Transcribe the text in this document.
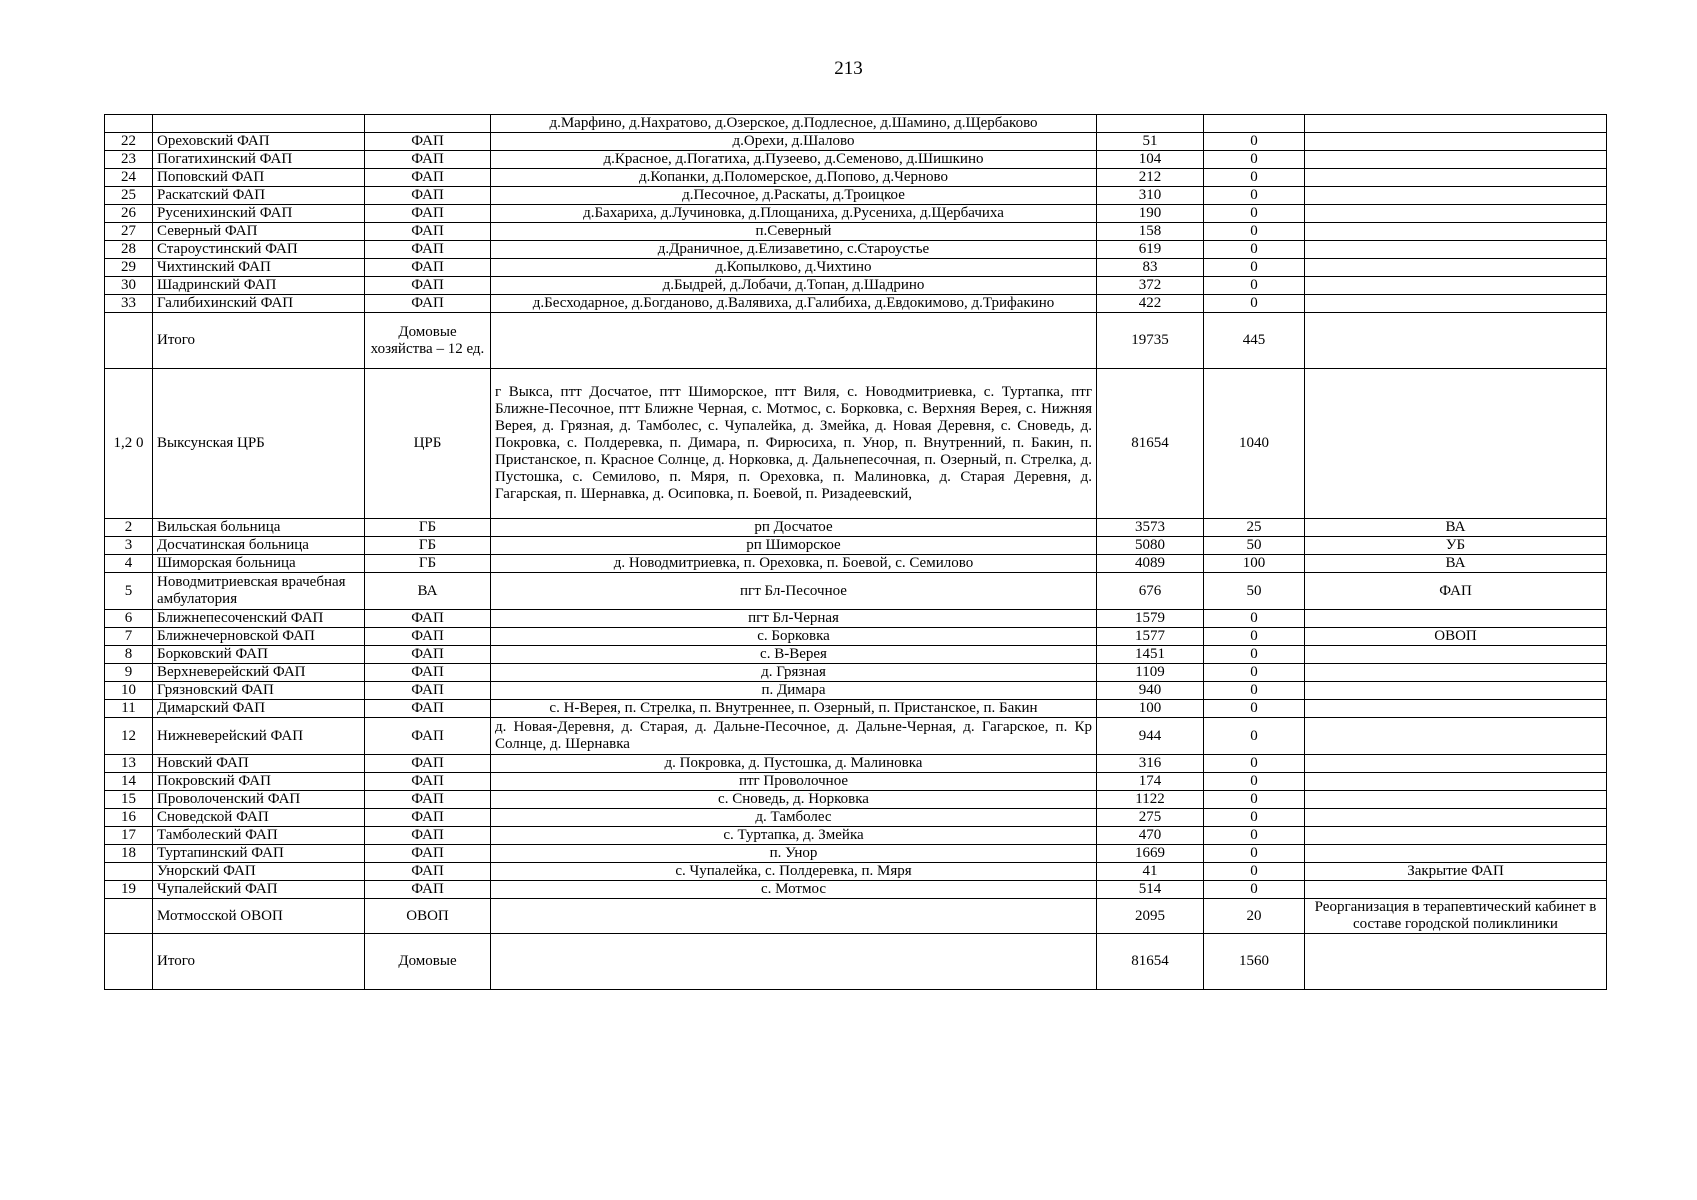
213
			д.Марфино, д.Нахратово, д.Озерское, д.Подлесное, д.Шамино, д.Щербаково			
22	Ореховский ФАП	ФАП	д.Орехи, д.Шалово	51	0	
23	Погатихинский ФАП	ФАП	д.Красное, д.Погатиха, д.Пузеево, д.Семеново, д.Шишкино	104	0	
24	Поповский ФАП	ФАП	д.Копанки, д.Поломерское, д.Попово, д.Черново	212	0	
25	Раскатский ФАП	ФАП	д.Песочное, д.Раскаты, д.Троицкое	310	0	
26	Русенихинский ФАП	ФАП	д.Бахариха, д.Лучиновка, д.Площаниха, д.Русениха, д.Щербачиха	190	0	
27	Северный ФАП	ФАП	п.Северный	158	0	
28	Староустинский ФАП	ФАП	д.Драничное, д.Елизаветино, с.Староустье	619	0	
29	Чихтинский ФАП	ФАП	д.Копылково, д.Чихтино	83	0	
30	Шадринский ФАП	ФАП	д.Быдрей, д.Лобачи, д.Топан, д.Шадрино	372	0	
33	Галибихинский ФАП	ФАП	д.Бесходарное, д.Богданово, д.Валявиха, д.Галибиха, д.Евдокимово, д.Трифакино	422	0	
	Итого	Домовые хозяйства – 12 ед.		19735	445	
1,2 0	Выксунская ЦРБ	ЦРБ	г Выкса, птт Досчатое, птт Шиморское, птт Виля, с. Новодмитриевка, с. Туртапка, птг Ближне-Песочное, птт Ближне Черная, с. Мотмос, с. Борковка, с. Верхняя Верея, с. Нижняя Верея, д. Грязная, д. Тамболес, с. Чупалейка, д. Змейка, д. Новая Деревня, с. Сноведь, д. Покровка, с. Полдеревка, п. Димара, п. Фирюсиха, п. Унор, п. Внутренний, п. Бакин, п. Пристанское, п. Красное Солнце, д. Норковка, д. Дальнепесочная, п. Озерный, п. Стрелка, д. Пустошка, с. Семилово, п. Мяря, п. Ореховка, п. Малиновка, д. Старая Деревня, д. Гагарская, п. Шернавка, д. Осиповка, п. Боевой, п. Ризадеевский,	81654	1040	
2	Вильская больница	ГБ	рп Досчатое	3573	25	ВА
3	Досчатинская больница	ГБ	рп Шиморское	5080	50	УБ
4	Шиморская больница	ГБ	д. Новодмитриевка, п. Ореховка, п. Боевой, с. Семилово	4089	100	ВА
5	Новодмитриевская врачебная амбулатория	ВА	пгт Бл-Песочное	676	50	ФАП
6	Ближнепесоченский ФАП	ФАП	пгт Бл-Черная	1579	0	
7	Ближнечерновской ФАП	ФАП	с. Борковка	1577	0	ОВОП
8	Борковский ФАП	ФАП	с. В-Верея	1451	0	
9	Верхневерейский ФАП	ФАП	д. Грязная	1109	0	
10	Грязновский ФАП	ФАП	п. Димара	940	0	
11	Димарский ФАП	ФАП	с. Н-Верея, п. Стрелка, п. Внутреннее, п. Озерный, п. Пристанское, п. Бакин	100	0	
12	Нижневерейский ФАП	ФАП	д. Новая-Деревня, д. Старая, д. Дальне-Песочное, д. Дальне-Черная, д. Гагарское, п. Кр Солнце, д. Шернавка	944	0	
13	Новский ФАП	ФАП	д. Покровка, д. Пустошка, д. Малиновка	316	0	
14	Покровский ФАП	ФАП	птг Проволочное	174	0	
15	Проволоченский ФАП	ФАП	с. Сноведь, д. Норковка	1122	0	
16	Сноведской ФАП	ФАП	д. Тамболес	275	0	
17	Тамболеский ФАП	ФАП	с. Туртапка, д. Змейка	470	0	
18	Туртапинский ФАП	ФАП	п. Унор	1669	0	
	Унорский ФАП	ФАП	с. Чупалейка, с. Полдеревка, п. Мяря	41	0	Закрытие ФАП
19	Чупалейский ФАП	ФАП	с. Мотмос	514	0	
	Мотмосской ОВОП	ОВОП		2095	20	Реорганизация в терапевтический кабинет в составе городской поликлиники
	Итого	Домовые		81654	1560	
